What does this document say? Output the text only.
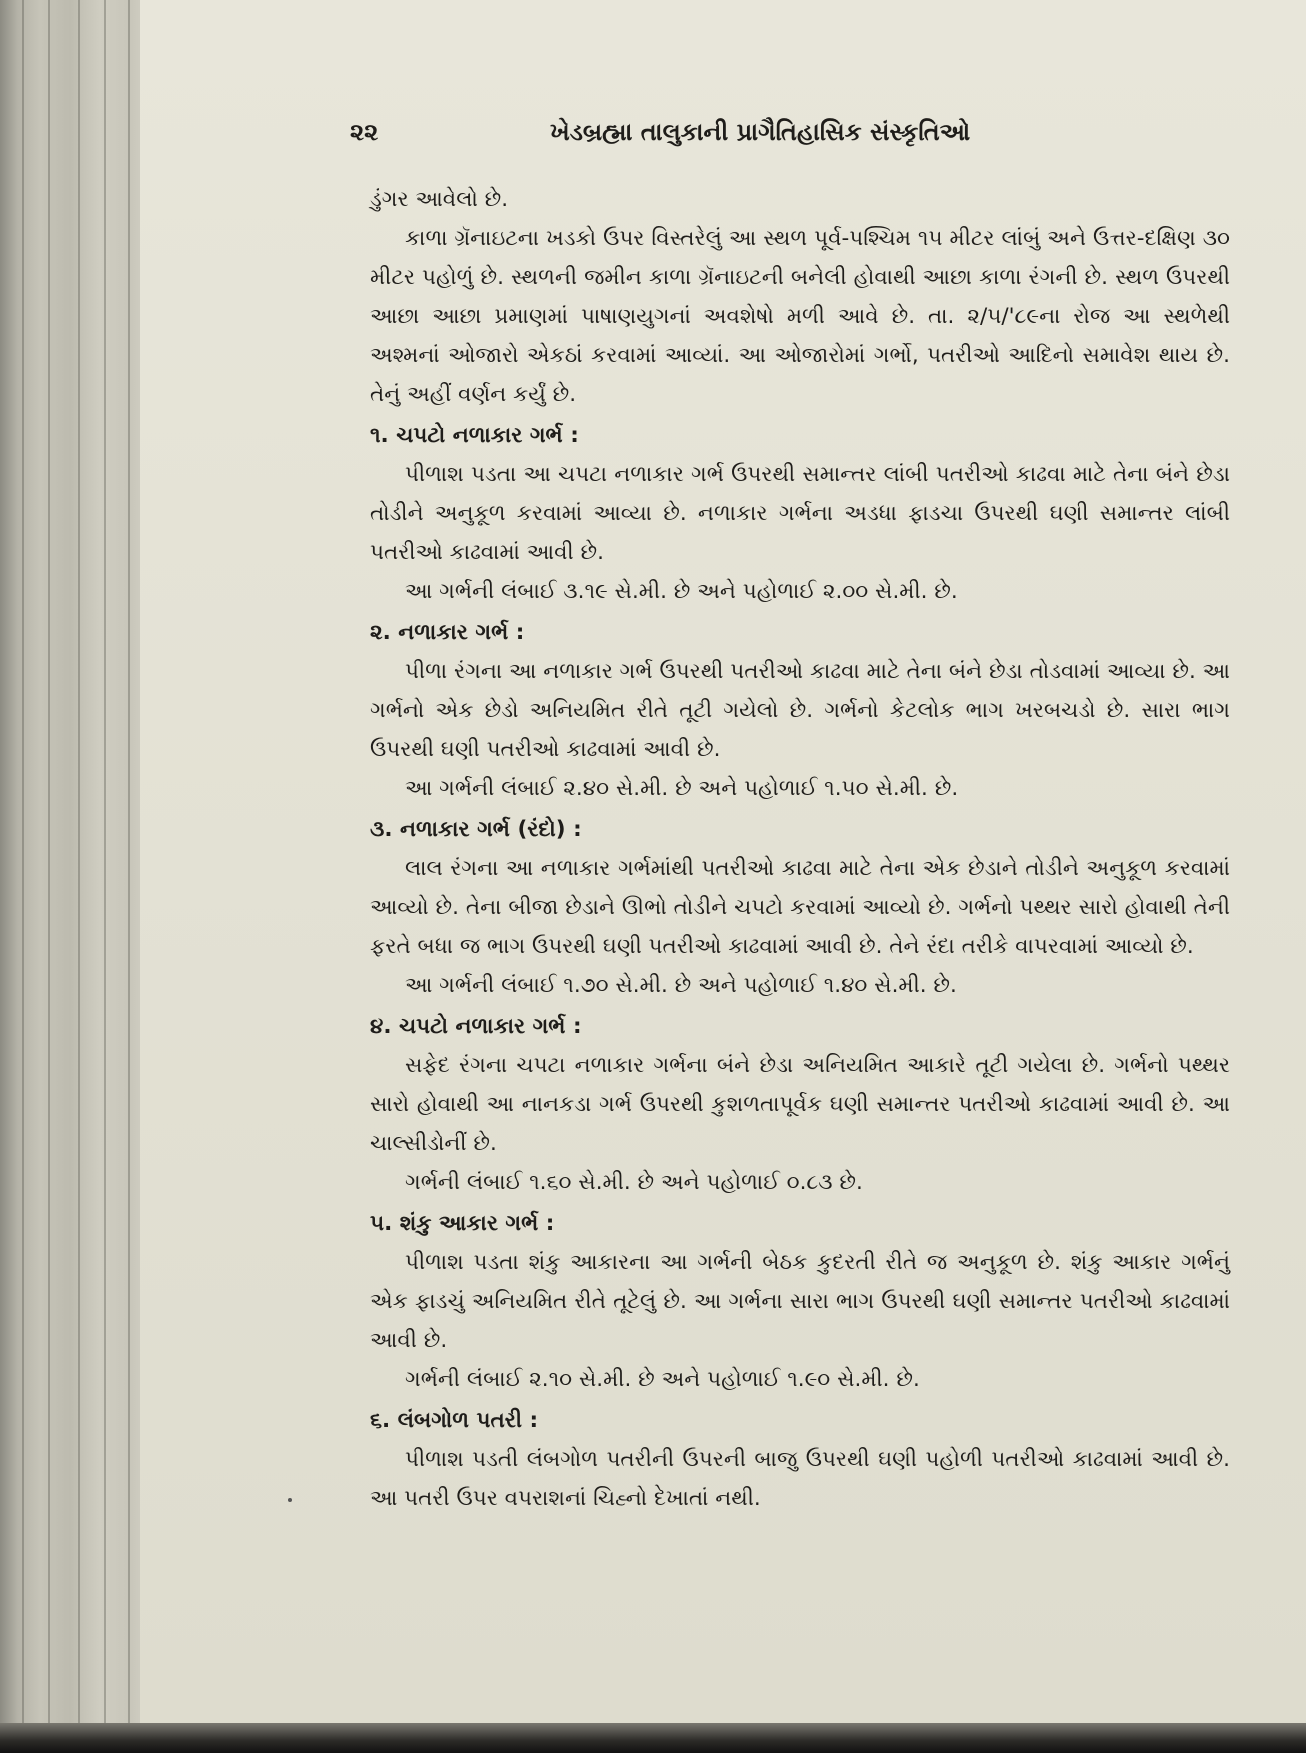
૨૨	ખેડબ્રહ્મા તાલુકાની પ્રાગૈતિહાસિક સંસ્કૃતિઓ

ડુંગર આવેલો છે.

કાળા ગ્રૅનાઇટના ખડકો ઉપર વિસ્તરેલું આ સ્થળ પૂર્વ-પશ્ચિમ ૧૫ મીટર લાંબું અને ઉત્તર-દક્ષિણ ૩૦ મીટર પહોળું છે. સ્થળની જમીન કાળા ગ્રૅનાઇટની બનેલી હોવાથી આછા કાળા રંગની છે. સ્થળ ઉપરથી આછા આછા પ્રમાણમાં પાષાણયુગનાં અવશેષો મળી આવે છે. તા. ૨/૫/'૮૯ના રોજ આ સ્થળેથી અશ્મનાં ઓજારો એકઠાં કરવામાં આવ્યાં. આ ઓજારોમાં ગર્ભો, પતરીઓ આદિનો સમાવેશ થાય છે. તેનું અહીં વર્ણન કર્યું છે.

૧. ચપટો નળાકાર ગર્ભ :

પીળાશ પડતા આ ચપટા નળાકાર ગર્ભ ઉપરથી સમાન્તર લાંબી પતરીઓ કાઢવા માટે તેના બંને છેડા તોડીને અનુકૂળ કરવામાં આવ્યા છે. નળાકાર ગર્ભના અડધા ફાડચા ઉપરથી ઘણી સમાન્તર લાંબી પતરીઓ કાઢવામાં આવી છે.

આ ગર્ભની લંબાઈ ૩.૧૯ સે.મી. છે અને પહોળાઈ ૨.૦૦ સે.મી. છે.

૨. નળાકાર ગર્ભ :

પીળા રંગના આ નળાકાર ગર્ભ ઉપરથી પતરીઓ કાઢવા માટે તેના બંને છેડા તોડવામાં આવ્યા છે. આ ગર્ભનો એક છેડો અનિયમિત રીતે તૂટી ગયેલો છે. ગર્ભનો કેટલોક ભાગ ખરબચડો છે. સારા ભાગ ઉપરથી ઘણી પતરીઓ કાઢવામાં આવી છે.

આ ગર્ભની લંબાઈ ૨.૪૦ સે.મી. છે અને પહોળાઈ ૧.૫૦ સે.મી. છે.

૩. નળાકાર ગર્ભ (રંદો) :

લાલ રંગના આ નળાકાર ગર્ભમાંથી પતરીઓ કાઢવા માટે તેના એક છેડાને તોડીને અનુકૂળ કરવામાં આવ્યો છે. તેના બીજા છેડાને ઊભો તોડીને ચપટો કરવામાં આવ્યો છે. ગર્ભનો પથ્થર સારો હોવાથી તેની ફરતે બધા જ ભાગ ઉપરથી ઘણી પતરીઓ કાઢવામાં આવી છે. તેને રંદા તરીકે વાપરવામાં આવ્યો છે.

આ ગર્ભની લંબાઈ ૧.૭૦ સે.મી. છે અને પહોળાઈ ૧.૪૦ સે.મી. છે.

૪. ચપટો નળાકાર ગર્ભ :

સફેદ રંગના ચપટા નળાકાર ગર્ભના બંને છેડા અનિયમિત આકારે તૂટી ગયેલા છે. ગર્ભનો પથ્થર સારો હોવાથી આ નાનકડા ગર્ભ ઉપરથી કુશળતાપૂર્વક ઘણી સમાન્તર પતરીઓ કાઢવામાં આવી છે. આ ચાલ્સીડોનીં છે.

ગર્ભની લંબાઈ ૧.૬૦ સે.મી. છે અને પહોળાઈ ૦.૮૩ છે.

૫. શંકુ આકાર ગર્ભ :

પીળાશ પડતા શંકુ આકારના આ ગર્ભની બેઠક કુદરતી રીતે જ અનુકૂળ છે. શંકુ આકાર ગર્ભનું એક ફાડચું અનિયમિત રીતે તૂટેલું છે. આ ગર્ભના સારા ભાગ ઉપરથી ઘણી સમાન્તર પતરીઓ કાઢવામાં આવી છે.

ગર્ભની લંબાઈ ૨.૧૦ સે.મી. છે અને પહોળાઈ ૧.૯૦ સે.મી. છે.

૬. લંબગોળ પતરી :

પીળાશ પડતી લંબગોળ પતરીની ઉપરની બાજુ ઉપરથી ઘણી પહોળી પતરીઓ કાઢવામાં આવી છે. આ પતરી ઉપર વપરાશનાં ચિહ્નો દેખાતાં નથી.
